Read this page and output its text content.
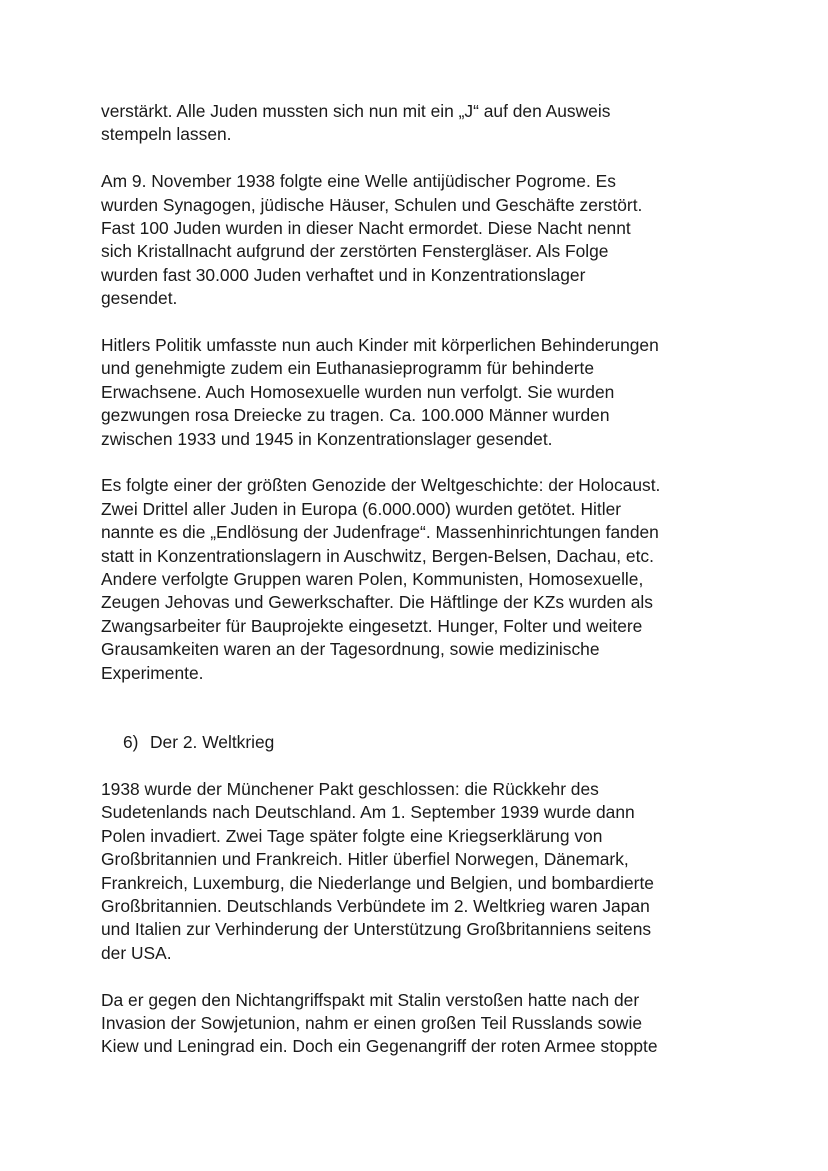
verstärkt. Alle Juden mussten sich nun mit ein „J“ auf den Ausweis
stempeln lassen.

Am 9. November 1938 folgte eine Welle antijüdischer Pogrome. Es
wurden Synagogen, jüdische Häuser, Schulen und Geschäfte zerstört.
Fast 100 Juden wurden in dieser Nacht ermordet. Diese Nacht nennt
sich Kristallnacht aufgrund der zerstörten Fenstergläser. Als Folge
wurden fast 30.000 Juden verhaftet und in Konzentrationslager
gesendet.

Hitlers Politik umfasste nun auch Kinder mit körperlichen Behinderungen
und genehmigte zudem ein Euthanasieprogramm für behinderte
Erwachsene. Auch Homosexuelle wurden nun verfolgt. Sie wurden
gezwungen rosa Dreiecke zu tragen. Ca. 100.000 Männer wurden
zwischen 1933 und 1945 in Konzentrationslager gesendet.

Es folgte einer der größten Genozide der Weltgeschichte: der Holocaust.
Zwei Drittel aller Juden in Europa (6.000.000) wurden getötet. Hitler
nannte es die „Endlösung der Judenfrage“. Massenhinrichtungen fanden
statt in Konzentrationslagern in Auschwitz, Bergen-Belsen, Dachau, etc.
Andere verfolgte Gruppen waren Polen, Kommunisten, Homosexuelle,
Zeugen Jehovas und Gewerkschafter. Die Häftlinge der KZs wurden als
Zwangsarbeiter für Bauprojekte eingesetzt. Hunger, Folter und weitere
Grausamkeiten waren an der Tagesordnung, sowie medizinische
Experimente.

6) Der 2. Weltkrieg

1938 wurde der Münchener Pakt geschlossen: die Rückkehr des
Sudetenlands nach Deutschland. Am 1. September 1939 wurde dann
Polen invadiert. Zwei Tage später folgte eine Kriegserklärung von
Großbritannien und Frankreich. Hitler überfiel Norwegen, Dänemark,
Frankreich, Luxemburg, die Niederlange und Belgien, und bombardierte
Großbritannien. Deutschlands Verbündete im 2. Weltkrieg waren Japan
und Italien zur Verhinderung der Unterstützung Großbritanniens seitens
der USA.

Da er gegen den Nichtangriffspakt mit Stalin verstoßen hatte nach der
Invasion der Sowjetunion, nahm er einen großen Teil Russlands sowie
Kiew und Leningrad ein. Doch ein Gegenangriff der roten Armee stoppte
